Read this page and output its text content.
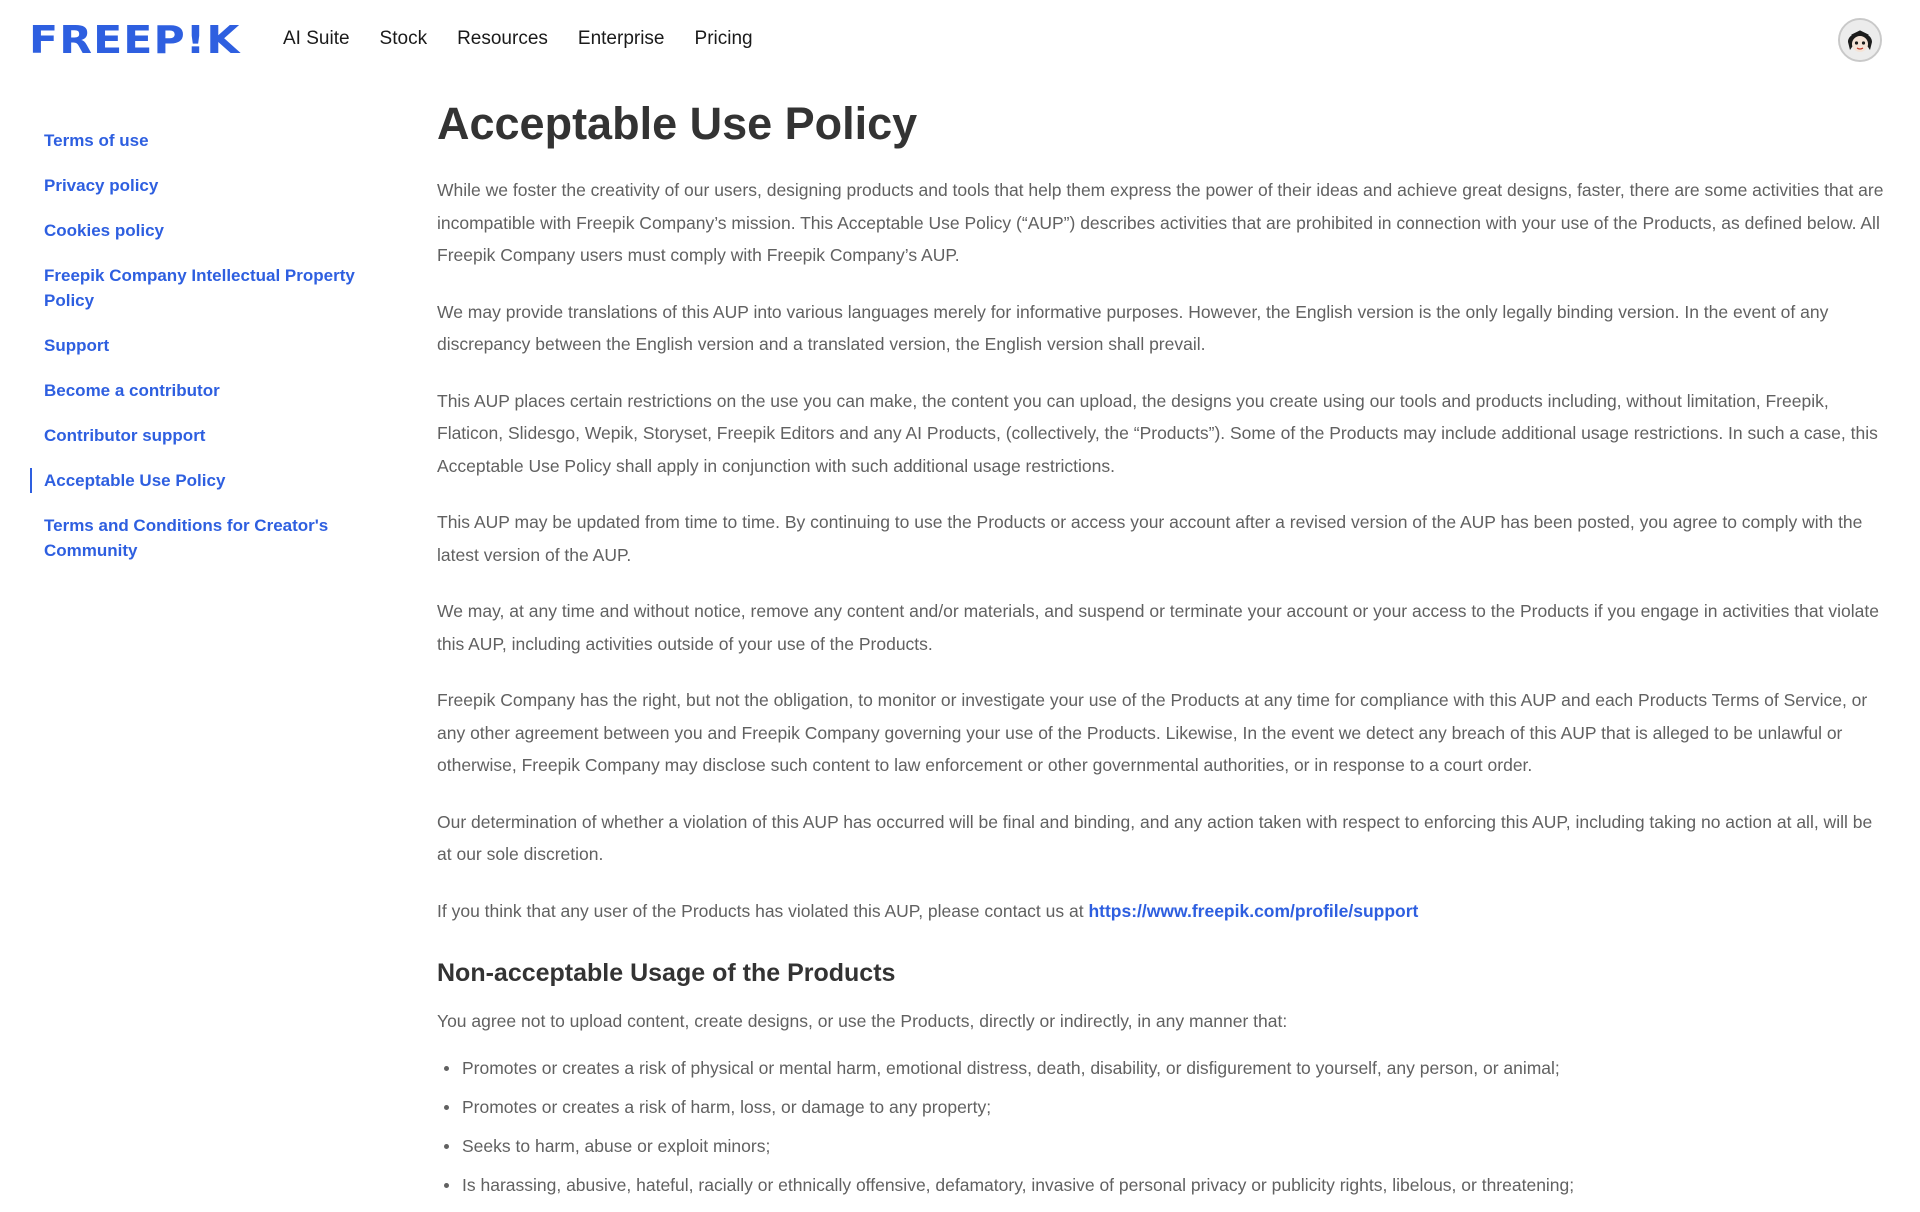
FREEP!K AI Suite Stock Resources Enterprise Pricing
Terms of use
Privacy policy
Cookies policy
Freepik Company Intellectual Property Policy
Support
Become a contributor
Contributor support
Acceptable Use Policy
Terms and Conditions for Creator's Community
Acceptable Use Policy

While we foster the creativity of our users, designing products and tools that help them express the power of their ideas and achieve great designs, faster, there are some activities that are incompatible with Freepik Company’s mission. This Acceptable Use Policy (“AUP”) describes activities that are prohibited in connection with your use of the Products, as defined below. All Freepik Company users must comply with Freepik Company’s AUP.

We may provide translations of this AUP into various languages merely for informative purposes. However, the English version is the only legally binding version. In the event of any discrepancy between the English version and a translated version, the English version shall prevail.

This AUP places certain restrictions on the use you can make, the content you can upload, the designs you create using our tools and products including, without limitation, Freepik, Flaticon, Slidesgo, Wepik, Storyset, Freepik Editors and any AI Products, (collectively, the “Products”). Some of the Products may include additional usage restrictions. In such a case, this Acceptable Use Policy shall apply in conjunction with such additional usage restrictions.

This AUP may be updated from time to time. By continuing to use the Products or access your account after a revised version of the AUP has been posted, you agree to comply with the latest version of the AUP.

We may, at any time and without notice, remove any content and/or materials, and suspend or terminate your account or your access to the Products if you engage in activities that violate this AUP, including activities outside of your use of the Products.

Freepik Company has the right, but not the obligation, to monitor or investigate your use of the Products at any time for compliance with this AUP and each Products Terms of Service, or any other agreement between you and Freepik Company governing your use of the Products. Likewise, In the event we detect any breach of this AUP that is alleged to be unlawful or otherwise, Freepik Company may disclose such content to law enforcement or other governmental authorities, or in response to a court order.

Our determination of whether a violation of this AUP has occurred will be final and binding, and any action taken with respect to enforcing this AUP, including taking no action at all, will be at our sole discretion.

If you think that any user of the Products has violated this AUP, please contact us at https://www.freepik.com/profile/support

Non-acceptable Usage of the Products

You agree not to upload content, create designs, or use the Products, directly or indirectly, in any manner that:

Promotes or creates a risk of physical or mental harm, emotional distress, death, disability, or disfigurement to yourself, any person, or animal;
Promotes or creates a risk of harm, loss, or damage to any property;
Seeks to harm, abuse or exploit minors;
Is harassing, abusive, hateful, racially or ethnically offensive, defamatory, invasive of personal privacy or publicity rights, libelous, or threatening;
